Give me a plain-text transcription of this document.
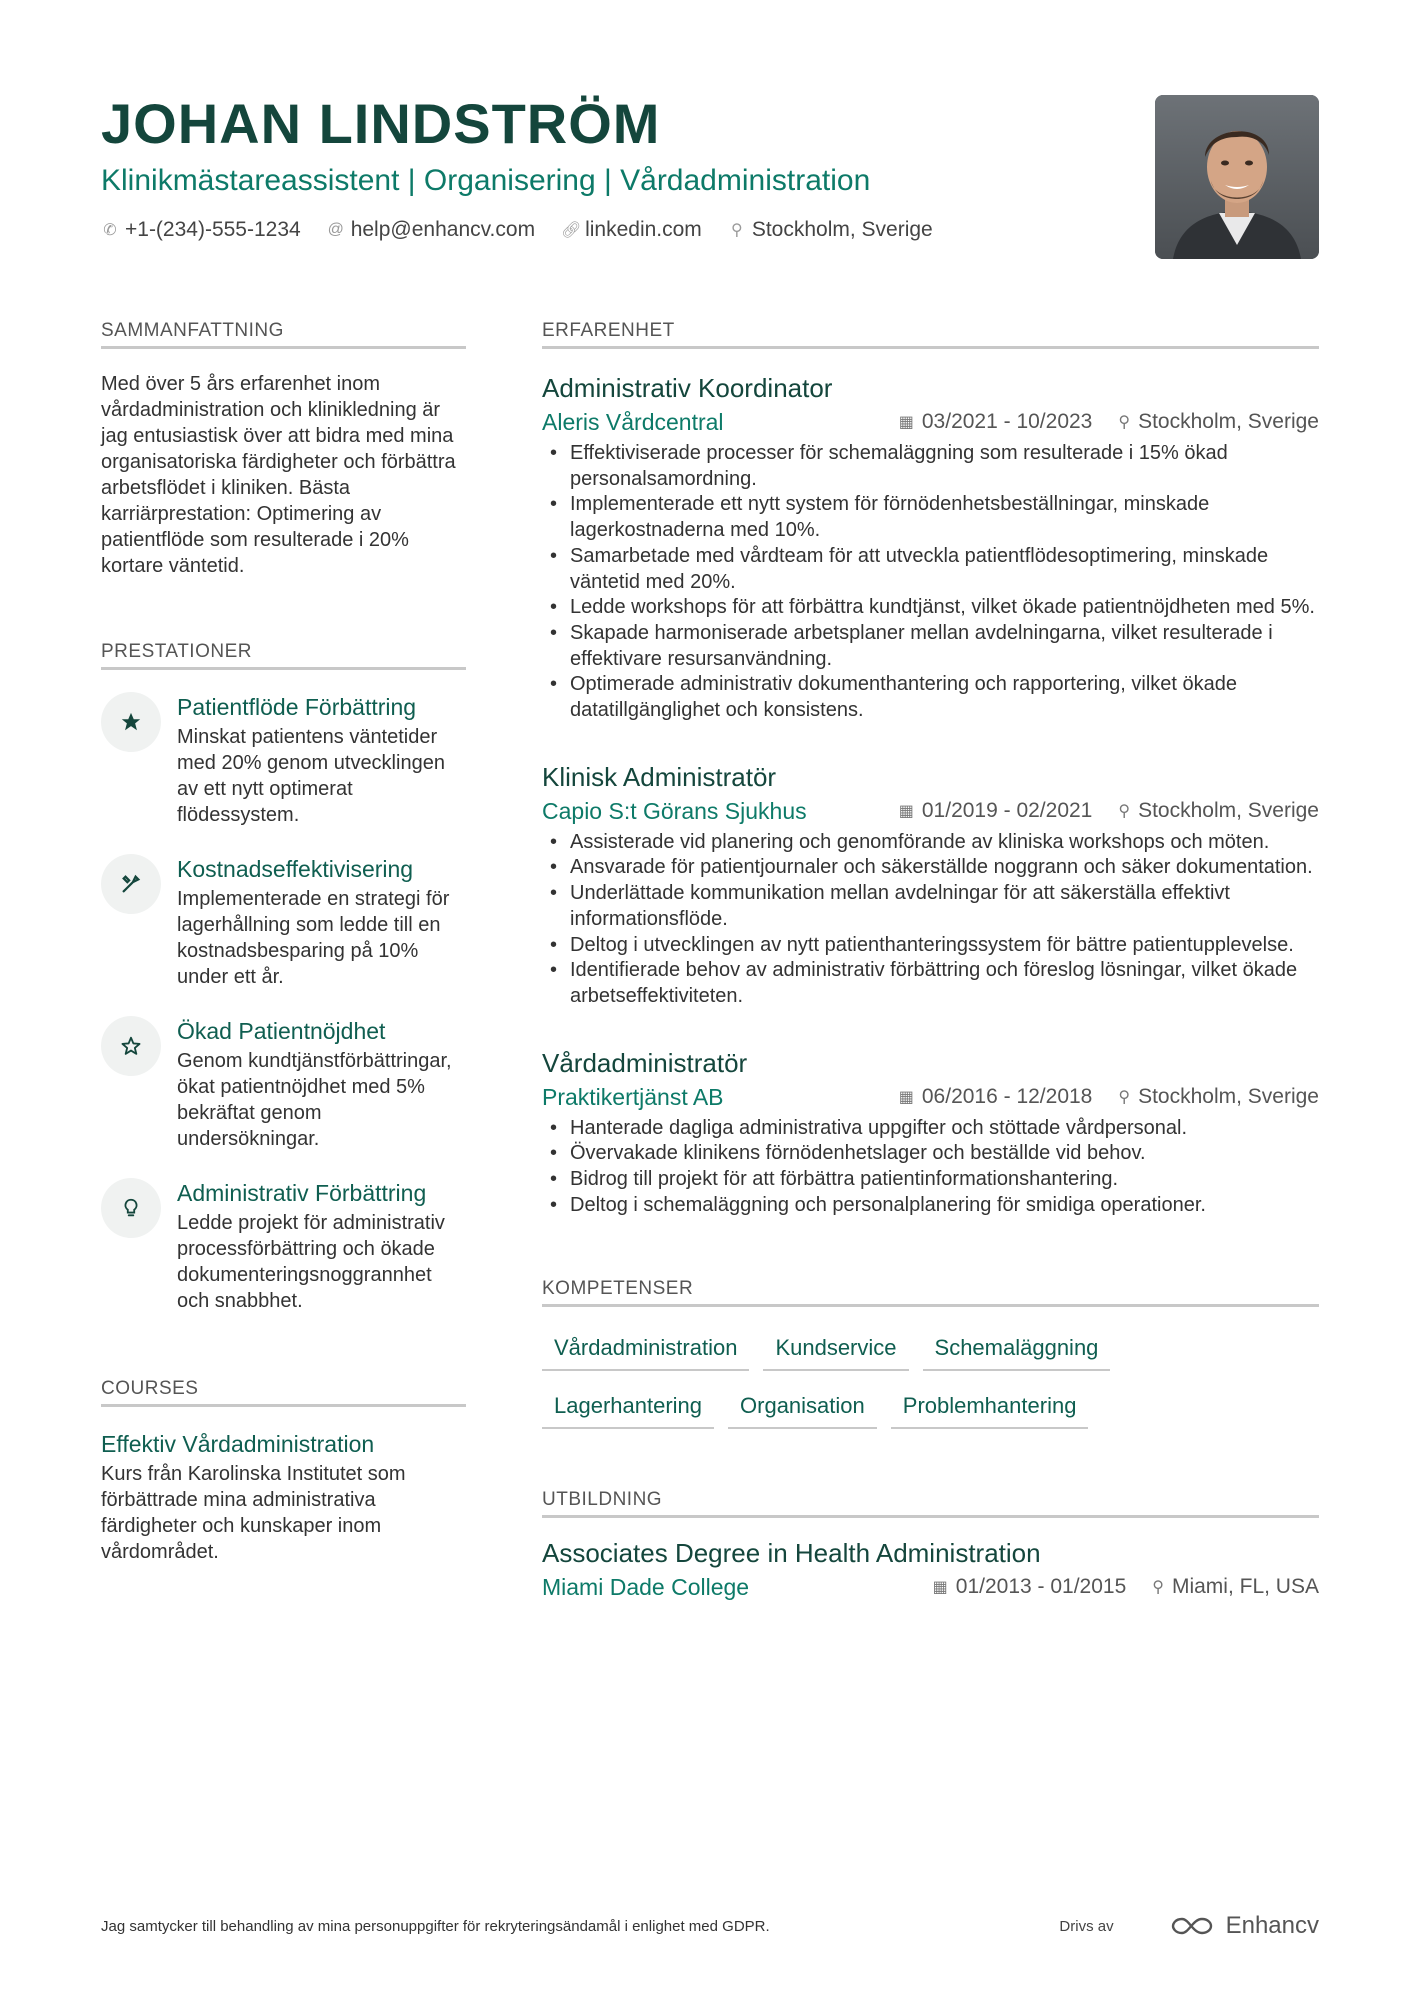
JOHAN LINDSTRÖM
Klinikmästareassistent | Organisering | Vårdadministration
✆ +1-(234)-555-1234 @ help@enhancv.com 🔗︎ linkedin.com ⚲ Stockholm, Sverige
SAMMANFATTNING
Med över 5 års erfarenhet inom vårdadministration och klinikledning är jag entusiastisk över att bidra med mina organisatoriska färdigheter och förbättra arbetsflödet i kliniken. Bästa karriärprestation: Optimering av patientflöde som resulterade i 20% kortare väntetid.
PRESTATIONER
Patientflöde Förbättring
Minskat patientens väntetider med 20% genom utvecklingen av ett nytt optimerat flödessystem.
Kostnadseffektivisering
Implementerade en strategi för lagerhållning som ledde till en kostnadsbesparing på 10% under ett år.
Ökad Patientnöjdhet
Genom kundtjänstförbättringar, ökat patientnöjdhet med 5% bekräftat genom undersökningar.
Administrativ Förbättring
Ledde projekt för administrativ processförbättring och ökade dokumenteringsnoggrannhet och snabbhet.
COURSES
Effektiv Vårdadministration
Kurs från Karolinska Institutet som förbättrade mina administrativa färdigheter och kunskaper inom vårdområdet.
ERFARENHET
Administrativ Koordinator
Aleris Vårdcentral	▦ 03/2021 - 10/2023 ⚲ Stockholm, Sverige
• Effektiviserade processer för schemaläggning som resulterade i 15% ökad personalsamordning.
• Implementerade ett nytt system för förnödenhetsbeställningar, minskade lagerkostnaderna med 10%.
• Samarbetade med vårdteam för att utveckla patientflödesoptimering, minskade väntetid med 20%.
• Ledde workshops för att förbättra kundtjänst, vilket ökade patientnöjdheten med 5%.
• Skapade harmoniserade arbetsplaner mellan avdelningarna, vilket resulterade i effektivare resursanvändning.
• Optimerade administrativ dokumenthantering och rapportering, vilket ökade datatillgänglighet och konsistens.
Klinisk Administratör
Capio S:t Görans Sjukhus	▦ 01/2019 - 02/2021 ⚲ Stockholm, Sverige
• Assisterade vid planering och genomförande av kliniska workshops och möten.
• Ansvarade för patientjournaler och säkerställde noggrann och säker dokumentation.
• Underlättade kommunikation mellan avdelningar för att säkerställa effektivt informationsflöde.
• Deltog i utvecklingen av nytt patienthanteringssystem för bättre patientupplevelse.
• Identifierade behov av administrativ förbättring och föreslog lösningar, vilket ökade arbetseffektiviteten.
Vårdadministratör
Praktikertjänst AB	▦ 06/2016 - 12/2018 ⚲ Stockholm, Sverige
• Hanterade dagliga administrativa uppgifter och stöttade vårdpersonal.
• Övervakade klinikens förnödenhetslager och beställde vid behov.
• Bidrog till projekt för att förbättra patientinformationshantering.
• Deltog i schemaläggning och personalplanering för smidiga operationer.
KOMPETENSER
Vårdadministration	Kundservice	Schemaläggning
Lagerhantering	Organisation	Problemhantering
UTBILDNING
Associates Degree in Health Administration
Miami Dade College	▦ 01/2013 - 01/2015 ⚲ Miami, FL, USA
Jag samtycker till behandling av mina personuppgifter för rekryteringsändamål i enlighet med GDPR.	Drivs av	Enhancv
